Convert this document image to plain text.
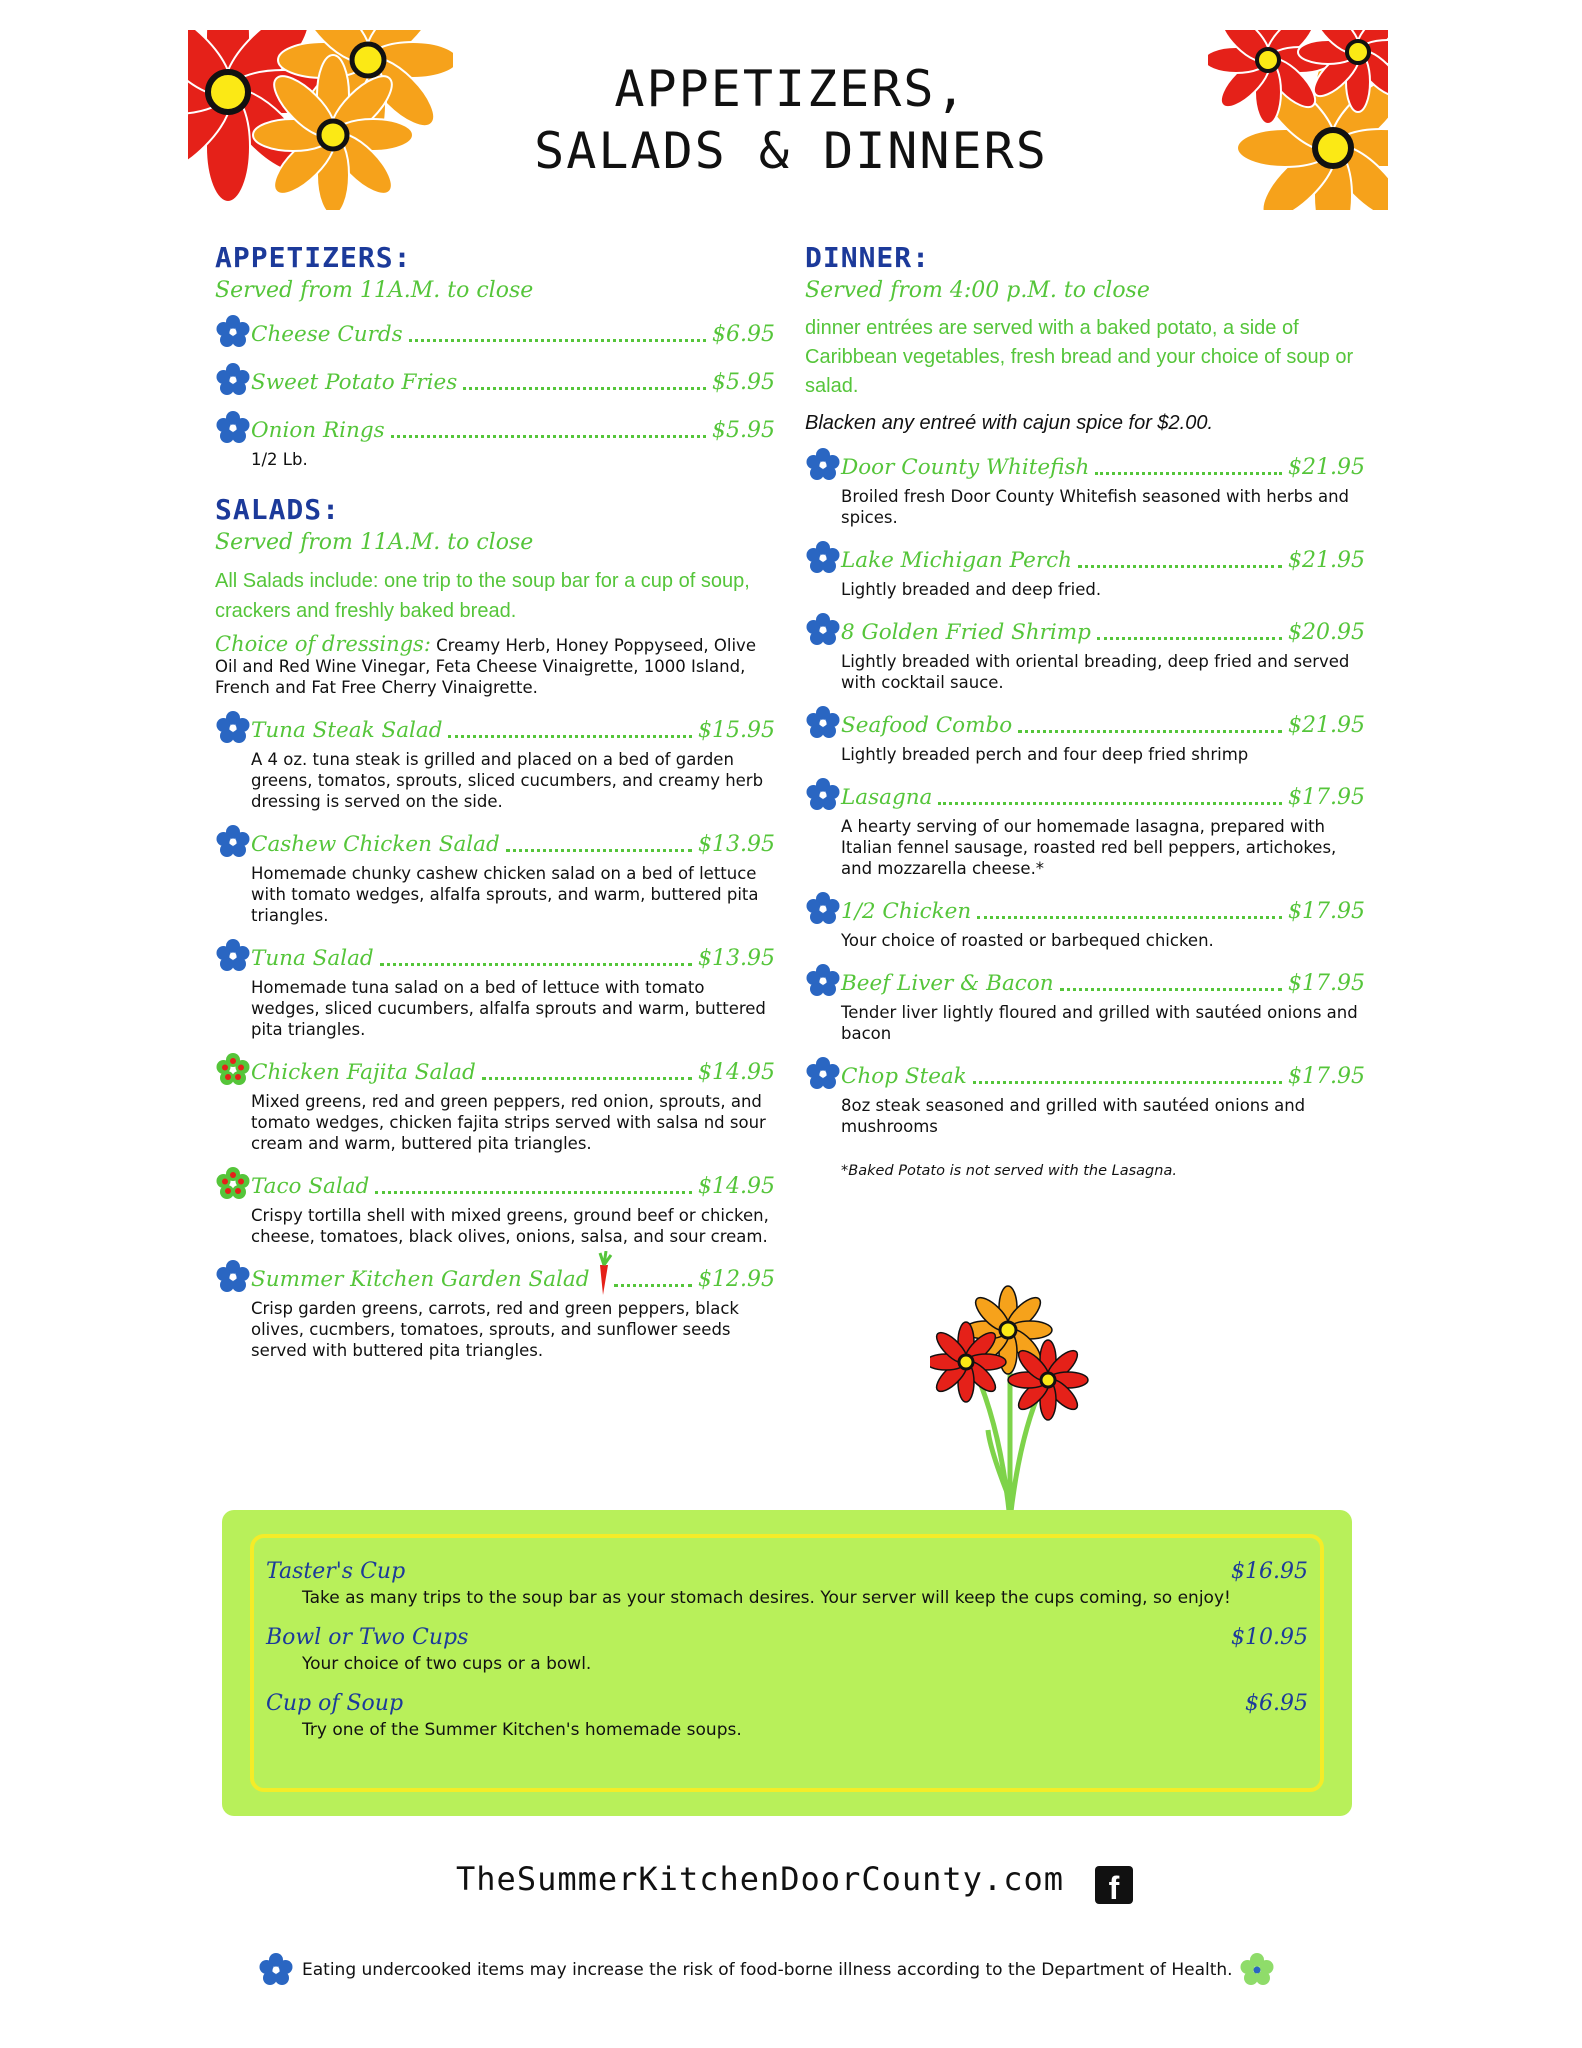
APPETIZERS,
SALADS & DINNERS
APPETIZERS:
Served from 11A.M. to close
Cheese Curds	$6.95
Sweet Potato Fries	$5.95
Onion Rings	$5.95
1/2 Lb.
SALADS:
Served from 11A.M. to close
All Salads include: one trip to the soup bar for a cup of soup, crackers and freshly baked bread.
Choice of dressings: Creamy Herb, Honey Poppyseed, Olive Oil and Red Wine Vinegar, Feta Cheese Vinaigrette, 1000 Island, French and Fat Free Cherry Vinaigrette.
Tuna Steak Salad	$15.95
A 4 oz. tuna steak is grilled and placed on a bed of garden greens, tomatos, sprouts, sliced cucumbers, and creamy herb dressing is served on the side.
Cashew Chicken Salad	$13.95
Homemade chunky cashew chicken salad on a bed of lettuce with tomato wedges, alfalfa sprouts, and warm, buttered pita triangles.
Tuna Salad	$13.95
Homemade tuna salad on a bed of lettuce with tomato wedges, sliced cucumbers, alfalfa sprouts and warm, buttered pita triangles.
Chicken Fajita Salad	$14.95
Mixed greens, red and green peppers, red onion, sprouts, and tomato wedges, chicken fajita strips served with salsa nd sour cream and warm, buttered pita triangles.
Taco Salad	$14.95
Crispy tortilla shell with mixed greens, ground beef or chicken, cheese, tomatoes, black olives, onions, salsa, and sour cream.
Summer Kitchen Garden Salad	$12.95
Crisp garden greens, carrots, red and green peppers, black olives, cucmbers, tomatoes, sprouts, and sunflower seeds served with buttered pita triangles.
DINNER:
Served from 4:00 p.M. to close
dinner entrées are served with a baked potato, a side of Caribbean vegetables, fresh bread and your choice of soup or salad.
Blacken any entreé with cajun spice for $2.00.
Door County Whitefish	$21.95
Broiled fresh Door County Whitefish seasoned with herbs and spices.
Lake Michigan Perch	$21.95
Lightly breaded and deep fried.
8 Golden Fried Shrimp	$20.95
Lightly breaded with oriental breading, deep fried and served with cocktail sauce.
Seafood Combo	$21.95
Lightly breaded perch and four deep fried shrimp
Lasagna	$17.95
A hearty serving of our homemade lasagna, prepared with Italian fennel sausage, roasted red bell peppers, artichokes, and mozzarella cheese.*
1/2 Chicken	$17.95
Your choice of roasted or barbequed chicken.
Beef Liver & Bacon	$17.95
Tender liver lightly floured and grilled with sautéed onions and bacon
Chop Steak	$17.95
8oz steak seasoned and grilled with sautéed onions and mushrooms
*Baked Potato is not served with the Lasagna.
Taster's Cup	$16.95
Take as many trips to the soup bar as your stomach desires. Your server will keep the cups coming, so enjoy!
Bowl or Two Cups	$10.95
Your choice of two cups or a bowl.
Cup of Soup	$6.95
Try one of the Summer Kitchen's homemade soups.
TheSummerKitchenDoorCounty.com	f
Eating undercooked items may increase the risk of food-borne illness according to the Department of Health.
